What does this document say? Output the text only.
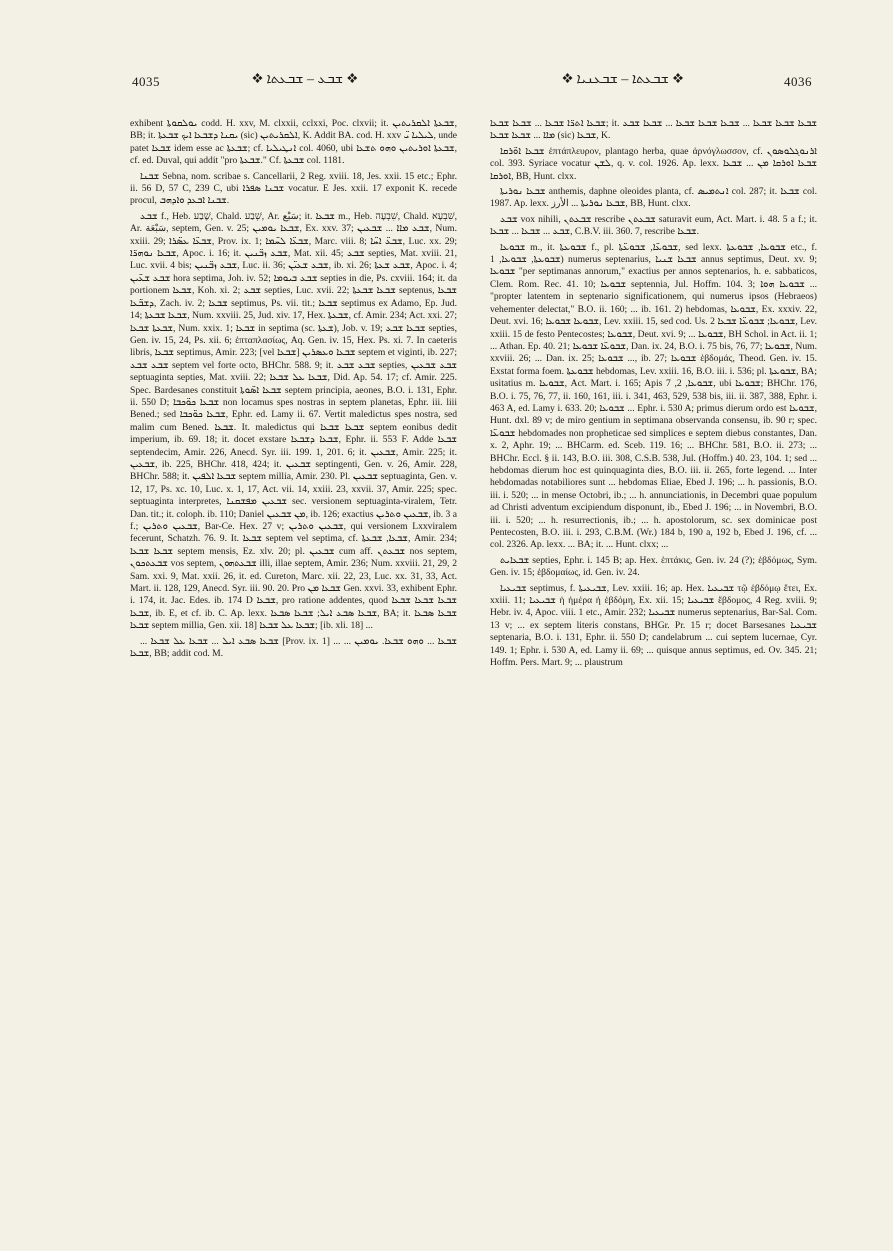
4035	❖ ܫܒܥ – ܫܒܥܬܐ ❖	❖ ܫܒܥܬܐ – ܫܒܥܢܝܐ ❖	4036

exhibent ܝܘܠܩܘܬܐ codd. H. xxv, M. clxxii, cclxxi, Poc. clxvii; it. ܫܒܥܬܐ ܐܠܩܪܝܬܝܢ, BB; it. ܝܩܢܐ ܕܫܒܥܐ ܐܝܟ ܫܒܥܬܐ (sic) ܐܠܩܪܝܬܝܢ, K. Addit BA. cod. H. xxv ܠܝܠܝܐ ܝ̈, unde patet ܫܒܥܐ idem esse ac ܫܒܥܬܐ; cf. ܐܢܛܝܠܝܐ col. 4060, ubi ܫܒܥܬܐ ܐܘܪܝܬܝܢ ܘܗܘ ܬܫܥܐ, cf. ed. Duval, qui addit "pro ܫܒܥܬܐ." Cf. ܫܒܥܬܐ col. 1181.

ܫܒܢܐ Sebna, nom. scribae s. Cancellarii, 2 Reg. xviii. 18, Jes. xxii. 15 etc.; Ephr. ii. 56 D, 57 C, 239 C, ubi ܫܒܢܐ ܣܦܪܐ vocatur. E Jes. xxii. 17 exponit K. recede procul, ܫܒܢܐ ܐܒܥܕ ܘܐܕܗܒ.

ܫܒܥ f., Heb. שֶׁבַע, Chald. שְׁבַע, Ar. سَبْع; it. ܫܒܥܐ m., Heb. שִׁבְעָה, Chald. שִׁבְעָא, Ar. سَبْعَة, septem, Gen. v. 25; ܫܒܥܐ ܝܘܡܝܢ, Ex. xxv. 37; ܫܒܥ ܡܐܐ ... ܫܒܥܝܢ, Num. xxiii. 29; ܫܒܥ̈ܐ ܥܣ̈ܪܐ, Prov. ix. 1; ܫܒܥ̈ܐ ܠܚ̈ܡܐ, Marc. viii. 8; ܫܒܥ̈ ܐܚ̈ܐ, Luc. xx. 29; ܫܒܥܐ ܢܘܗܪ̈ܐ, Apoc. i. 16; it. ܫܒܥ ܙܒ̈ܢܝܢ, Mat. xii. 45; ܫܒܥ septies, Mat. xviii. 21, Luc. xvii. 4 bis; ܫܒܥ ܙܒ̈ܢܝܢ, Luc. ii. 36; ܫܒܥ ܫܥܝ̈ܢ, ib. xi. 26; ܫܒܥ ܫܥܬܐ, Apoc. i. 4; ܫܒܥ ܫܥ̈ܝܢ hora septima, Joh. iv. 52; ܫܒܥ ܒܝܘܡܐ septies in die, Ps. cxviii. 164; it. da portionem ܫܒܥܐ, Koh. xi. 2; ܫܒܥ septies, Luc. xvii. 22; ܫܒܥܐ ܫܒܥܬܐ septenus, ܫܒܥܐ ܕܫܒ̈ܥܐ, Zach. iv. 2; ܫܒܥܐ septimus, Ps. vii. tit.; ܫܒܥܐ septimus ex Adamo, Ep. Jud. 14; ܫܒܥܐ ܫܒܥܬܐ, Num. xxviii. 25, Jud. xiv. 17, Hex. ܫܒܥܬܐ, cf. Amir. 234; Act. xxi. 27; ܫܒܥܬܐ ܫܒܥܐ, Num. xxix. 1; ܫܒܥܐ in septima (sc. ܫܥܬܐ), Job. v. 19; ܫܒܥܐ ܫܒܥ septies, Gen. iv. 15, 24, Ps. xii. 6; ἑπταπλασίως, Aq. Gen. iv. 15, Hex. Ps. xi. 7. In caeteris libris, ܫܒܥܐ septimus, Amir. 223; [vel ܫܒܥܐ] ܫܒܥܐ ܘܥܣܪܝܢ septem et viginti, ib. 227; ܫܒܥ ܫܒܥ septem vel forte octo, BHChr. 588. 9; it. ܫܒܥ ܫܒܥ septies, ܫܒܥ ܫܒܥܝܢ septuaginta septies, Mat. xviii. 22; ܫܒܥܐ ܥܠ ܫܒܥܐ, Did. Ap. 54. 17; cf. Amir. 225. Spec. Bardesanes constituit ܫܒܥܐ ܐܣ̈ܘܬܐ septem principia, aeones, B.O. i. 131, Ephr. ii. 550 D; ܫܒܥܐ ܟܘ̈ܟܒܐ non locamus spes nostras in septem planetas, Ephr. iii. liii Bened.; sed ܫܒܥܐ ܟܘ̈ܟܒܐ, Ephr. ed. Lamy ii. 67. Vertit maledictus spes nostra, sed malim cum Bened. ܫܒܥܐ. It. maledictus qui ܫܒܥܐ ܫܒܥܐ septem eonibus dedit imperium, ib. 69. 18; it. docet exstare ܫܒܥܐ ܕܫܒܥܐ, Ephr. ii. 553 F. Adde ܫܒܥܐ septendecim, Amir. 226, Anecd. Syr. iii. 199. 1, 201. 6; it. ܫܒܥܝܢ, Amir. 225; it. ܫܒܥܝܢ, ib. 225, BHChr. 418, 424; it. ܫܒܥܝܢ septingenti, Gen. v. 26, Amir. 228, BHChr. 588; it. ܫܒܥܐ ܐܠܦܝܢ septem millia, Amir. 230. Pl. ܫܒܥܝܢ septuaginta, Gen. v. 12, 17, Ps. xc. 10, Luc. x. 1, 17, Act. vii. 14, xxiii. 23, xxvii. 37, Amir. 225; spec. septuaginta interpretes, ܫܒܥܝܢ ܡܦܫܩܢܐ sec. versionem septuaginta-viralem, Tetr. Dan. tit.; it. coloph. ib. 110; Daniel ܡܢ ܫܒܥܝܢ, ib. 126; exactius ܫܒܥܝܢ ܘܬܪܝܢ, ib. 3 a f.; ܫܒܥܝܢ ܘܬܪܝܢ, Bar-Ce. Hex. 27 v; ܫܒܥܝܢ ܘܬܪܝܢ, qui versionem Lxxviralem fecerunt, Schatzh. 76. 9. It. ܫܒܥܐ septem vel septima, cf. ܫܒܥܐ, ܫܒܥܬܐ, Amir. 234; ܫܒܥܐ ܫܒܥܐ septem mensis, Ez. xlv. 20; pl. ܫܒܥܝܢ cum aff. ܫܒܥܬܢ nos septem, ܫܒܥܬܟܘܢ vos septem, ܫܒܥܬܗܘܢ illi, illae septem, Amir. 236; Num. xxviii. 21, 29, 2 Sam. xxi. 9, Mat. xxii. 26, it. ed. Cureton, Marc. xii. 22, 23, Luc. xx. 31, 33, Act. Mart. ii. 128, 129, Anecd. Syr. iii. 90. 20. Pro ܫܒܥܐ ܡܢ Gen. xxvi. 33, exhibent Ephr. i. 174, it. Jac. Edes. ib. 174 D ܫܒܥܐ, pro ratione addentes, quod ܫܒܥܐ ܫܒܥܐ ܫܒܥܐ ܫܒܥܐ, ib. E, et cf. ib. C. Ap. lexx. ܫܒܥܐ ܣܒܥ ܐܝܠ; ܫܒܥܐ ܣܒܥܐ, BA; it. ܫܒܥܐ ܣܒܥܐ ܫܒܥܐ septem millia, Gen. xii. 18] ܫܒܥܐ ܥܠ ܫܒܥܐ; [ib. xli. 18] ...

... ܫܒܥܐ ܣܒܥ ܐܝܠ ... ܫܒܥܐ ܥܠ ܫܒܥܐ [Prov. ix. 1] ... ܫܒܥܐ ... ܘܗܘ ܫܒܥܐ. ܝܘܡܝܢ ... ܫܒܥܐ, BB; addit cod. M.

ܫܒܥܐ ܐܬܪ̈ܐ ܫܒܥܐ ... ܫܒܥܐ ܫܒܥܐ; it. ܫܒܥܐ ܫܒܥܐ ܫܒܥܐ ... ܫܒܥܐ ܫܒܥܐ ܫܒܥܐ ... ܫܒܥܐ ܫܒܥ ܡܐܐ ... ܫܒܥܐ ܫܒܥܐ (sic) ܫܒܥܐ, K.

ܫܒܥܐ ܐܘ̈ܪܩܐ ἑπτάπλευρον, plantago herba, quae ἀρνόγλωσσον, cf. ܐܪܢܘܓܠܘܣܘܢ col. 393. Syriace vocatur ܠܫܢ, q. v. col. 1926. Ap. lexx. ܫܒܥܐ ܐܘܪܩܐ ܡܢ ... ܫܒܥܐ ܐܘܪܩܐ, BB, Hunt. clxx.

ܫܒܥܐ ܢܘܪܝܬܐ anthemis, daphne oleoides planta, cf. ܐܢܬܡܝܣ col. 287; it. ܫܒܥܐ col. 1987. Ap. lexx. ܫܒܥܐ ܢܘܪܝܬܐ ... الأرز, BB, Hunt. clxx.

ܫܒܥ vox nihili, ܫܒܥܬܢ rescribe ܫܒܥܬܢ saturavit eum, Act. Mart. i. 48. 5 a f.; it. ܫܒܥ ... ܫܒܥܐ ... ܫܒܥܐ, C.B.V. iii. 360. 7, rescribe ܫܒܥܐ.

ܫܒܘܥܐ m., it. ܫܒܘܥܬܐ f., pl. ܫܒܘܥ̈ܐ, ܫܒܘܥ̈ܬܐ, sed lexx. ܫܒܘܥܐ, ܫܒܘܥܬܐ etc., f. ܫܒܘܥܬܐ, ܫܒܘܥܐ, 1) numerus septenarius, ܫܒܥܐ ܫܢܝܐ annus septimus, Deut. xv. 9; ܫܒܘܥܐ "per septimanas annorum," exactius per annos septenarios, h. e. sabbaticos, Clem. Rom. Rec. 41. 10; ܫܒܘܥܐ septennia, Jul. Hoffm. 104. 3; ܫܒܘܥܐ ܗܘܐ ... "propter latentem in septenario significationem, qui numerus ipsos (Hebraeos) vehementer delectat," B.O. ii. 160; ... ib. 161. 2) hebdomas, ܫܒܘܥܐ, Ex. xxxiv. 22, Deut. xvi. 16; ܫܒܘܥܐ ܫܒܘܥܐ, Lev. xxiii. 15, sed cod. Us. 2 ܫܒܘܥܐ; ܫܒܘܥ̈ܐ ܫܒܥܐ, Lev. xxiii. 15 de festo Pentecostes; ܫܒܘܥܐ, Deut. xvi. 9; ... ܫܒܘܥܐ, BH Schol. in Act. ii. 1; ... Athan. Ep. 40. 21; ܫܒܘܥ̈ܐ ܫܒܘܥܐ, Dan. ix. 24, B.O. i. 75 bis, 76, 77; ܫܒܘܥܐ, Num. xxviii. 26; ... Dan. ix. 25; ܫܒܘܥܐ ..., ib. 27; ܫܒܘܥܐ ἑβδομάς, Theod. Gen. iv. 15. Exstat forma foem. ܫܒܘܥܬܐ hebdomas, Lev. xxiii. 16, B.O. iii. i. 536; pl. ܫܒܘܥܬܐ, BA; usitatius m. ܫܒܘܥܐ, Act. Mart. i. 165; Apis ܫܒܘܥܐ, 2, 7, ubi ܫܒܘܥܐ; BHChr. 176, B.O. i. 75, 76, 77, ii. 160, 161, iii. i. 341, 463, 529, 538 bis, iii. ii. 387, 388, Ephr. i. 463 A, ed. Lamy i. 633. 20; ܫܒܘܥܐ ... Ephr. i. 530 A; primus dierum ordo est ܫܒܘܥܐ, Hunt. dxl. 89 v; de miro gentium in septimana observanda consensu, ib. 90 r; spec. ܫܒܘܥ̈ܐ hebdomades non propheticae sed simplices e septem diebus constantes, Dan. x. 2, Aphr. 19; ... BHCarm. ed. Sceb. 119. 16; ... BHChr. 581, B.O. ii. 273; ... BHChr. Eccl. § ii. 143, B.O. iii. 308, C.S.B. 538, Jul. (Hoffm.) 40. 23, 104. 1; sed ... hebdomas dierum hoc est quinquaginta dies, B.O. iii. ii. 265, forte legend. ... Inter hebdomadas notabiliores sunt ... hebdomas Eliae, Ebed J. 196; ... h. passionis, B.O. iii. i. 520; ... in mense Octobri, ib.; ... h. annunciationis, in Decembri quae populum ad Christi adventum excipiendum disponunt, ib., Ebed J. 196; ... in Novembri, B.O. iii. i. 520; ... h. resurrectionis, ib.; ... h. apostolorum, sc. sex dominicae post Pentecosten, B.O. iii. i. 293, C.B.M. (Wr.) 184 b, 190 a, 192 b, Ebed J. 196, cf. ... col. 2326. Ap. lexx. ... BA; it. ... Hunt. clxx; ...

ܫܒܥܐܝܬ septies, Ephr. i. 145 B; ap. Hex. ἑπτάκις, Gen. iv. 24 (?); ἑβδόμως, Sym. Gen. iv. 15; ἑβδομαίως, id. Gen. iv. 24.

ܫܒܝܥܝܐ septimus, f. ܫܒܝܥܝܬܐ, Lev. xxiii. 16; ap. Hex. ܫܒܝܥܝܐ τῷ ἑβδόμῳ ἔτει, Ex. xxiii. 11; ܫܒܝܥܝܐ ἡ ἡμέρα ἡ ἑβδόμη, Ex. xii. 15; ܫܒܝܥܝܐ ἕβδομος, 4 Reg. xviii. 9; Hebr. iv. 4, Apoc. viii. 1 etc., Amir. 232; ܫܒܝܥܝܐ numerus septenarius, Bar-Sal. Com. 13 v; ... ex septem literis constans, BHGr. Pr. 15 r; docet Barsesanes ܫܒܝܥܝܐ septenaria, B.O. i. 131, Ephr. ii. 550 D; candelabrum ... cui septem lucernae, Cyr. 149. 1; Ephr. i. 530 A, ed. Lamy ii. 69; ... quisque annus septimus, ed. Ov. 345. 21; Hoffm. Pers. Mart. 9; ... plaustrum
